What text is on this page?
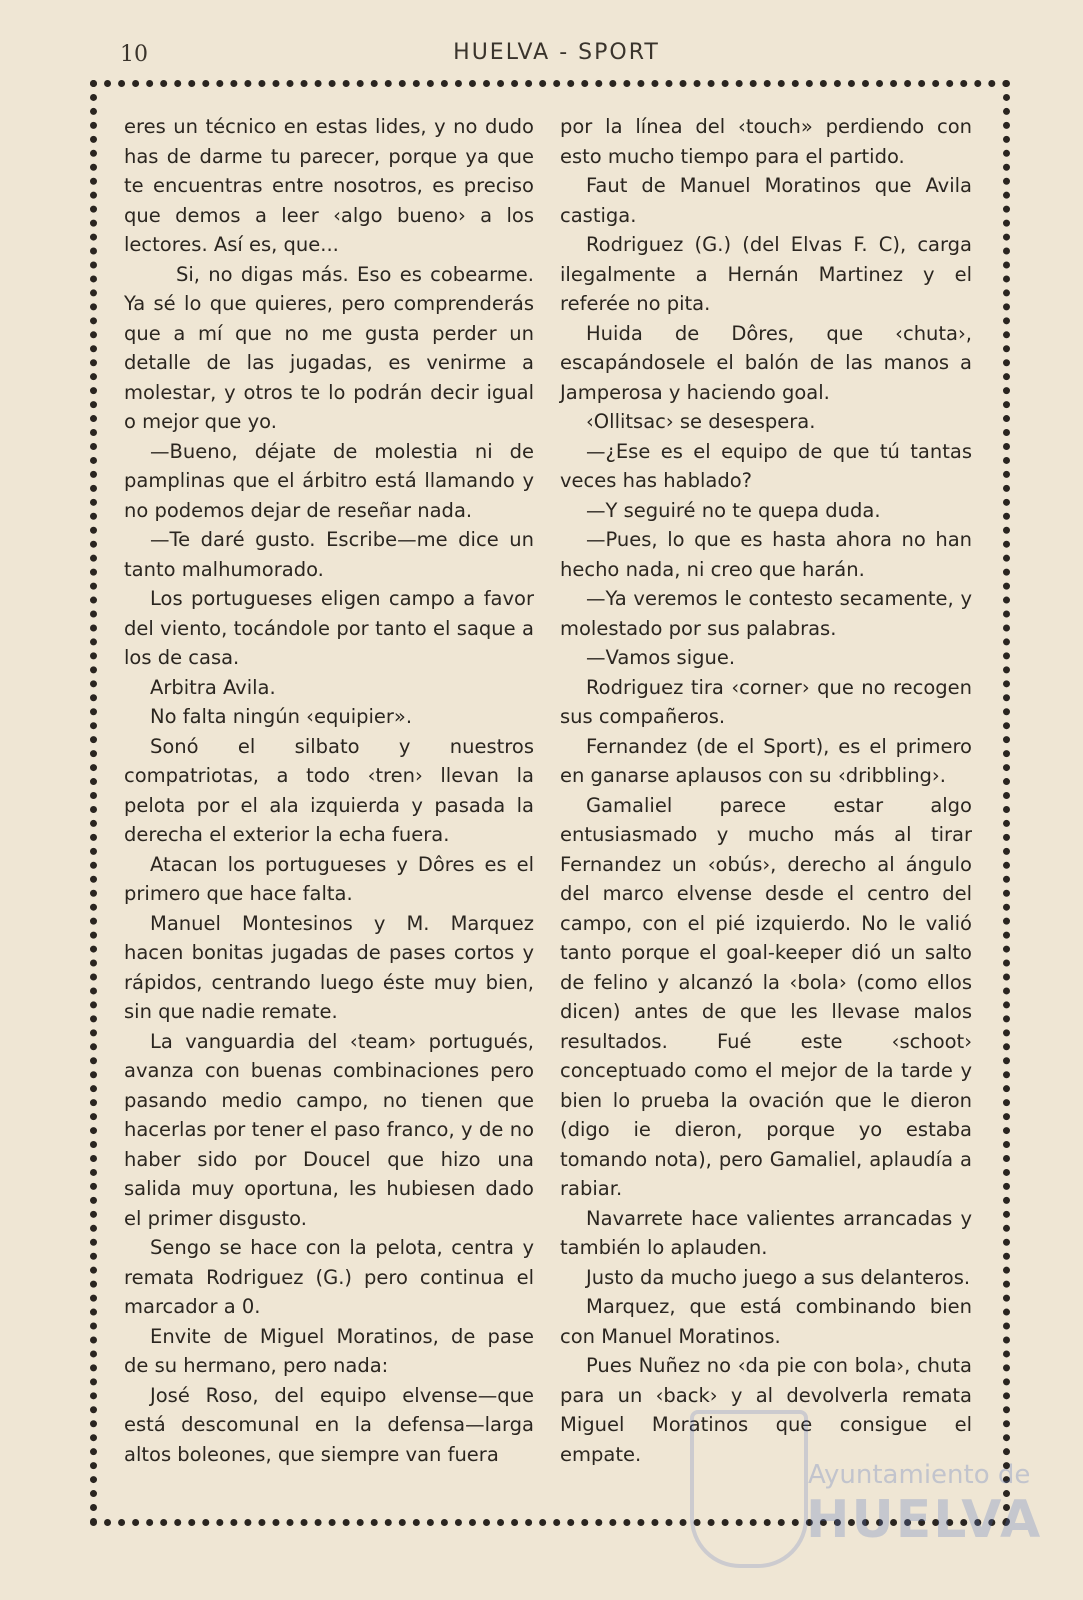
10	HUELVA - SPORT

eres un técnico en estas lides, y no dudo has de darme tu parecer, porque ya que te encuentras entre nosotros, es preciso que demos a leer ‹algo bueno› a los lectores. Así es, que...

Si, no digas más. Eso es cobearme. Ya sé lo que quieres, pero comprenderás que a mí que no me gusta perder un detalle de las jugadas, es venirme a molestar, y otros te lo podrán decir igual o mejor que yo.

—Bueno, déjate de molestia ni de pamplinas que el árbitro está llamando y no podemos dejar de reseñar nada.

—Te daré gusto. Escribe—me dice un tanto malhumorado.

Los portugueses eligen campo a favor del viento, tocándole por tanto el saque a los de casa.

Arbitra Avila.

No falta ningún ‹equipier».

Sonó el silbato y nuestros compatriotas, a todo ‹tren› llevan la pelota por el ala izquierda y pasada la derecha el exterior la echa fuera.

Atacan los portugueses y Dôres es el primero que hace falta.

Manuel Montesinos y M. Marquez hacen bonitas jugadas de pases cortos y rápidos, centrando luego éste muy bien, sin que nadie remate.

La vanguardia del ‹team› portugués, avanza con buenas combinaciones pero pasando medio campo, no tienen que hacerlas por tener el paso franco, y de no haber sido por Doucel que hizo una salida muy oportuna, les hubiesen dado el primer disgusto.

Sengo se hace con la pelota, centra y remata Rodriguez (G.) pero continua el marcador a 0.

Envite de Miguel Moratinos, de pase de su hermano, pero nada:

José Roso, del equipo elvense—que está descomunal en la defensa—larga altos boleones, que siempre van fuera

por la línea del ‹touch» perdiendo con esto mucho tiempo para el partido.

Faut de Manuel Moratinos que Avila castiga.

Rodriguez (G.) (del Elvas F. C), carga ilegalmente a Hernán Martinez y el referée no pita.

Huida de Dôres, que ‹chuta›, escapándosele el balón de las manos a Jamperosa y haciendo goal.

‹Ollitsac› se desespera.

—¿Ese es el equipo de que tú tantas veces has hablado?

—Y seguiré no te quepa duda.

—Pues, lo que es hasta ahora no han hecho nada, ni creo que harán.

—Ya veremos le contesto secamente, y molestado por sus palabras.

—Vamos sigue.

Rodriguez tira ‹corner› que no recogen sus compañeros.

Fernandez (de el Sport), es el primero en ganarse aplausos con su ‹dribbling›.

Gamaliel parece estar algo entusiasmado y mucho más al tirar Fernandez un ‹obús›, derecho al ángulo del marco elvense desde el centro del campo, con el pié izquierdo. No le valió tanto porque el goal-keeper dió un salto de felino y alcanzó la ‹bola› (como ellos dicen) antes de que les llevase malos resultados. Fué este ‹schoot› conceptuado como el mejor de la tarde y bien lo prueba la ovación que le dieron (digo ie dieron, porque yo estaba tomando nota), pero Gamaliel, aplaudía a rabiar.

Navarrete hace valientes arrancadas y también lo aplauden.

Justo da mucho juego a sus delanteros.

Marquez, que está combinando bien con Manuel Moratinos.

Pues Nuñez no ‹da pie con bola›, chuta para un ‹back› y al devolverla remata Miguel Moratinos que consigue el empate.

Ayuntamiento de
HUELVA
